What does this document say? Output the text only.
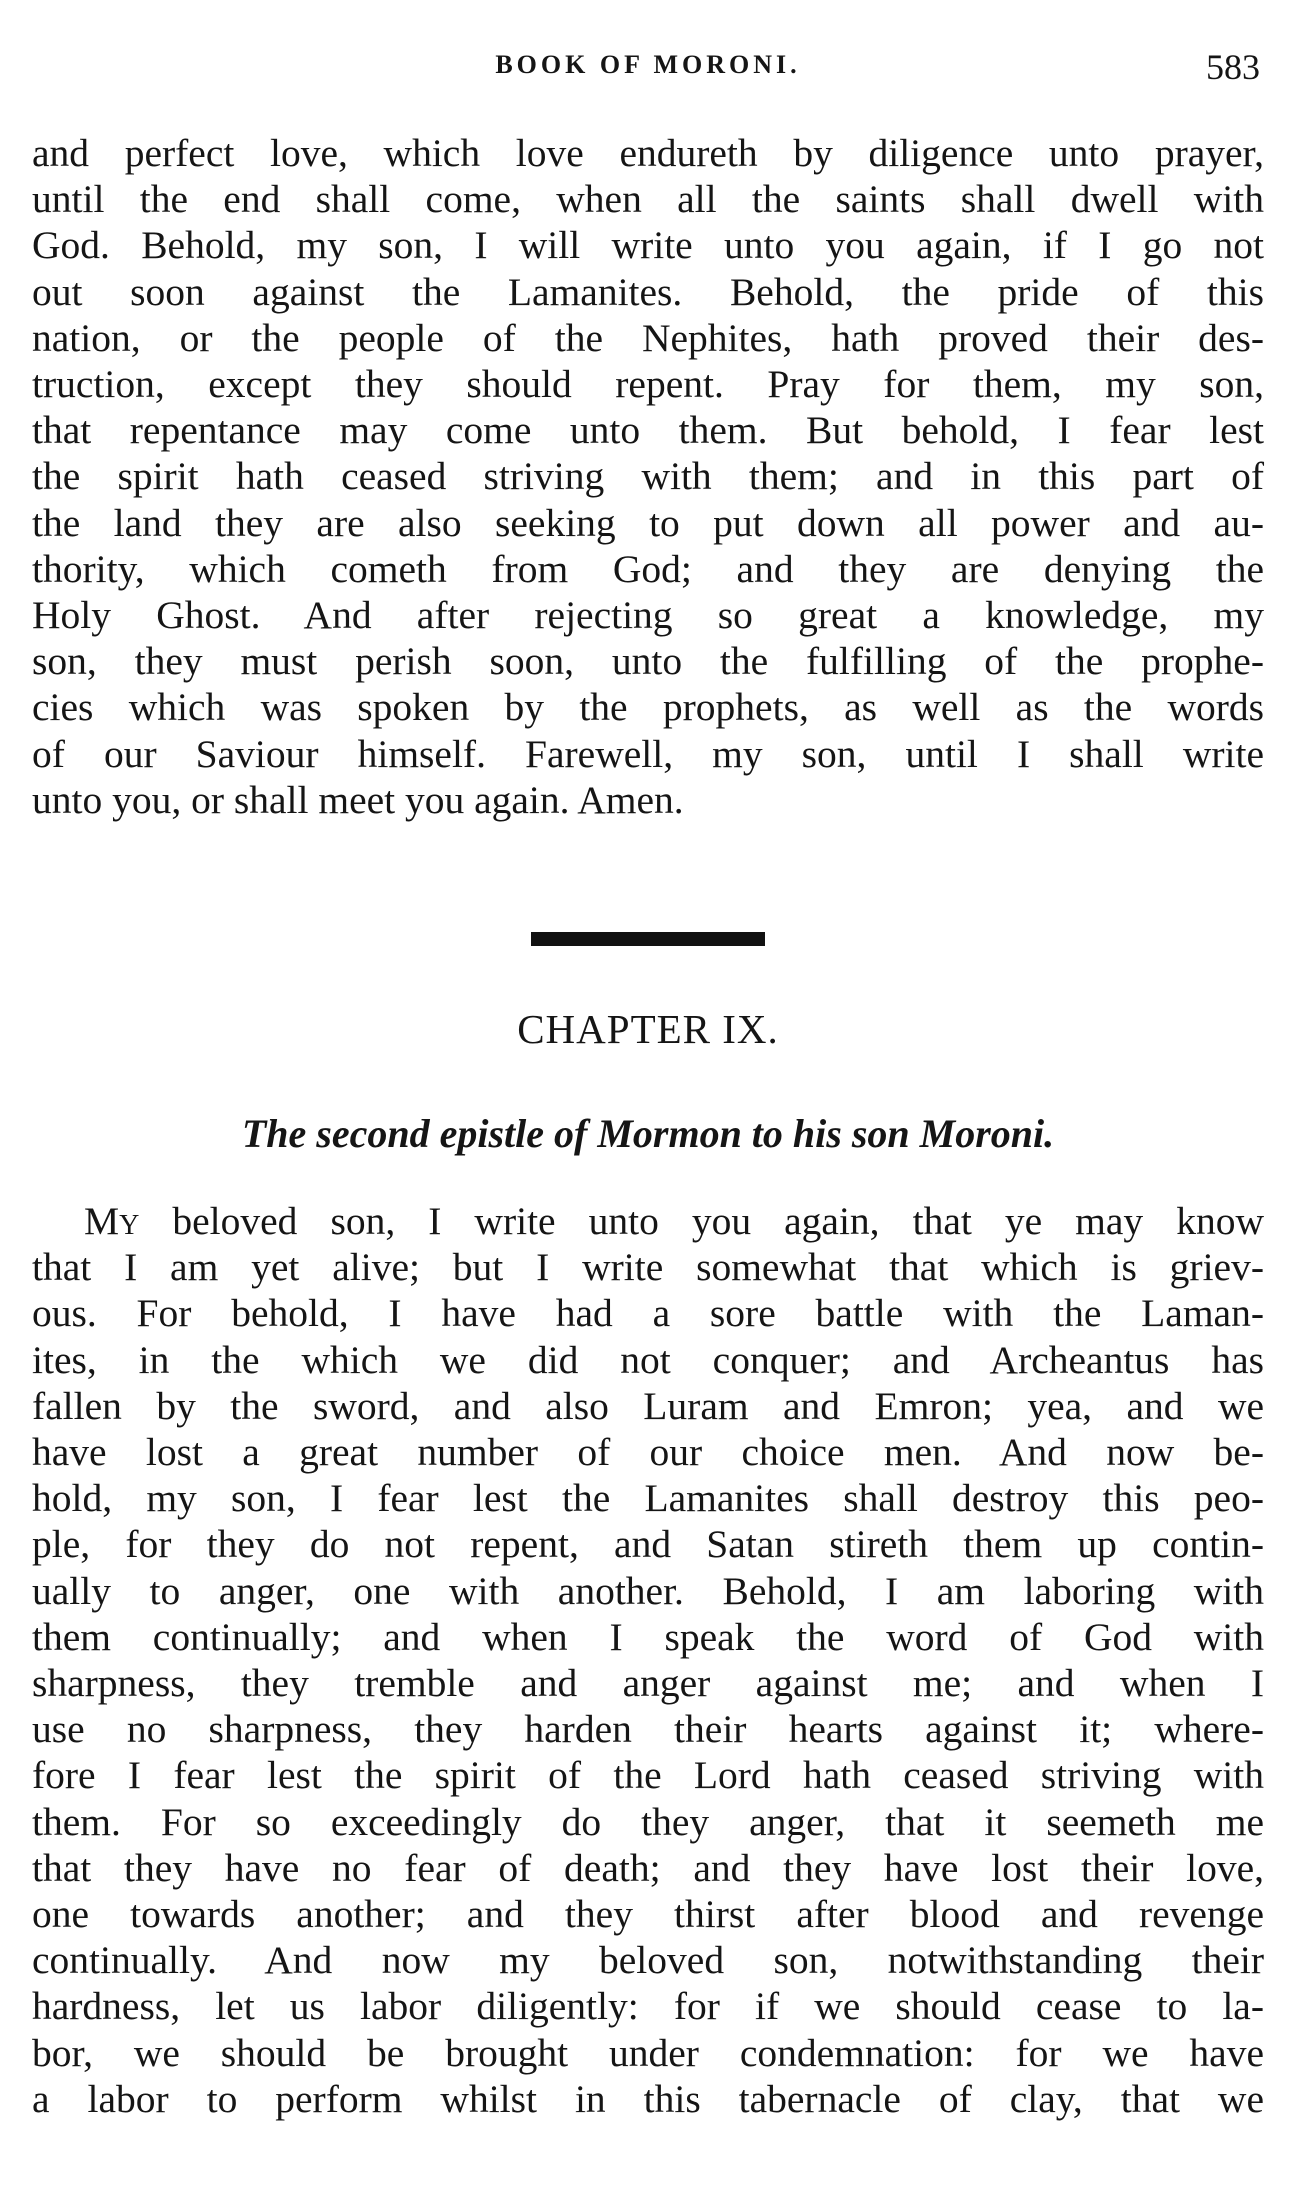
BOOK OF MORONI.	583

and perfect love, which love endureth by diligence unto prayer,
until the end shall come, when all the saints shall dwell with
God. Behold, my son, I will write unto you again, if I go not
out soon against the Lamanites. Behold, the pride of this
nation, or the people of the Nephites, hath proved their des-
truction, except they should repent. Pray for them, my son,
that repentance may come unto them. But behold, I fear lest
the spirit hath ceased striving with them; and in this part of
the land they are also seeking to put down all power and au-
thority, which cometh from God; and they are denying the
Holy Ghost. And after rejecting so great a knowledge, my
son, they must perish soon, unto the fulfilling of the prophe-
cies which was spoken by the prophets, as well as the words
of our Saviour himself. Farewell, my son, until I shall write
unto you, or shall meet you again. Amen.

CHAPTER IX.
The second epistle of Mormon to his son Moroni.

My beloved son, I write unto you again, that ye may know
that I am yet alive; but I write somewhat that which is griev-
ous. For behold, I have had a sore battle with the Laman-
ites, in the which we did not conquer; and Archeantus has
fallen by the sword, and also Luram and Emron; yea, and we
have lost a great number of our choice men. And now be-
hold, my son, I fear lest the Lamanites shall destroy this peo-
ple, for they do not repent, and Satan stireth them up contin-
ually to anger, one with another. Behold, I am laboring with
them continually; and when I speak the word of God with
sharpness, they tremble and anger against me; and when I
use no sharpness, they harden their hearts against it; where-
fore I fear lest the spirit of the Lord hath ceased striving with
them. For so exceedingly do they anger, that it seemeth me
that they have no fear of death; and they have lost their love,
one towards another; and they thirst after blood and revenge
continually. And now my beloved son, notwithstanding their
hardness, let us labor diligently: for if we should cease to la-
bor, we should be brought under condemnation: for we have
a labor to perform whilst in this tabernacle of clay, that we
